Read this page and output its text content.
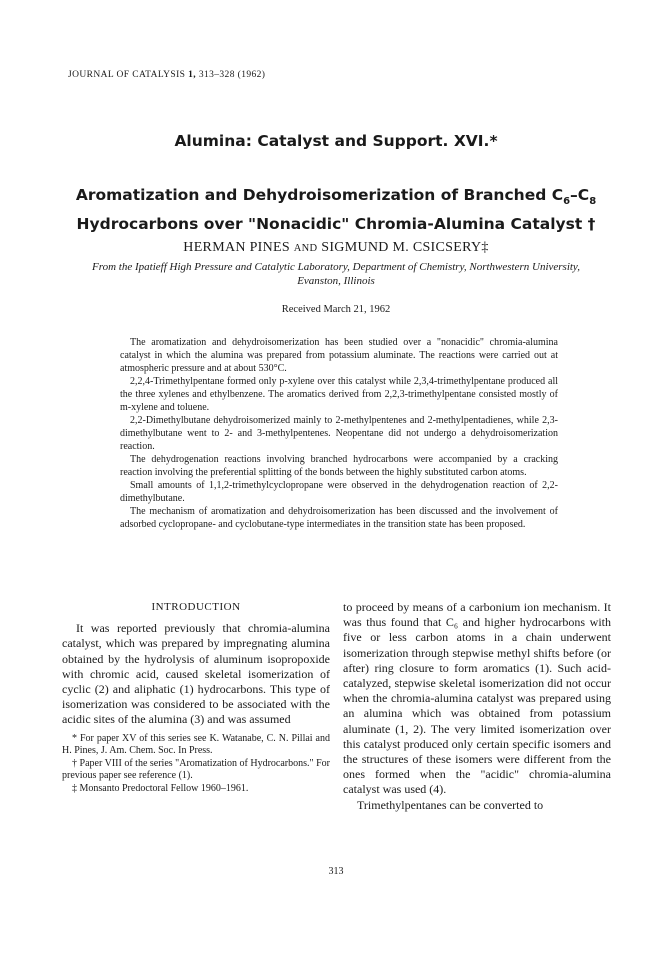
JOURNAL OF CATALYSIS 1, 313–328 (1962)
Alumina: Catalyst and Support. XVI.*
Aromatization and Dehydroisomerization of Branched $C_6-C_8$
Hydrocarbons over "Nonacidic" Chromia-Alumina Catalyst †
HERMAN PINES AND SIGMUND M. CSICSERY‡
From the Ipatieff High Pressure and Catalytic Laboratory, Department of Chemistry, Northwestern University, Evanston, Illinois
Received March 21, 1962

The aromatization and dehydroisomerization has been studied over a "nonacidic" chromia-alumina catalyst in which the alumina was prepared from potassium aluminate. The reactions were carried out at atmospheric pressure and at about 530°C.

2,2,4-Trimethylpentane formed only p-xylene over this catalyst while 2,3,4-trimethylpentane produced all the three xylenes and ethylbenzene. The aromatics derived from 2,2,3-trimethylpentane consisted mostly of m-xylene and toluene.

2,2-Dimethylbutane dehydroisomerized mainly to 2-methylpentenes and 2-methylpentadienes, while 2,3-dimethylbutane went to 2- and 3-methylpentenes. Neopentane did not undergo a dehydroisomerization reaction.

The dehydrogenation reactions involving branched hydrocarbons were accompanied by a cracking reaction involving the preferential splitting of the bonds between the highly substituted carbon atoms.

Small amounts of 1,1,2-trimethylcyclopropane were observed in the dehydrogenation reaction of 2,2-dimethylbutane.

The mechanism of aromatization and dehydroisomerization has been discussed and the involvement of adsorbed cyclopropane- and cyclobutane-type intermediates in the transition state has been proposed.

INTRODUCTION

It was reported previously that chromia-alumina catalyst, which was prepared by impregnating alumina obtained by the hydrolysis of aluminum isopropoxide with chromic acid, caused skeletal isomerization of cyclic (2) and aliphatic (1) hydrocarbons. This type of isomerization was considered to be associated with the acidic sites of the alumina (3) and was assumed

* For paper XV of this series see K. Watanabe, C. N. Pillai and H. Pines, J. Am. Chem. Soc. In Press.

† Paper VIII of the series "Aromatization of Hydrocarbons." For previous paper see reference (1).

‡ Monsanto Predoctoral Fellow 1960–1961.

to proceed by means of a carbonium ion mechanism. It was thus found that C₆ and higher hydrocarbons with five or less carbon atoms in a chain underwent isomerization through stepwise methyl shifts before (or after) ring closure to form aromatics (1). Such acid-catalyzed, stepwise skeletal isomerization did not occur when the chromia-alumina catalyst was prepared using an alumina which was obtained from potassium aluminate (1, 2). The very limited isomerization over this catalyst produced only certain specific isomers and the structures of these isomers were different from the ones formed when the "acidic" chromia-alumina catalyst was used (4).

Trimethylpentanes can be converted to

313
